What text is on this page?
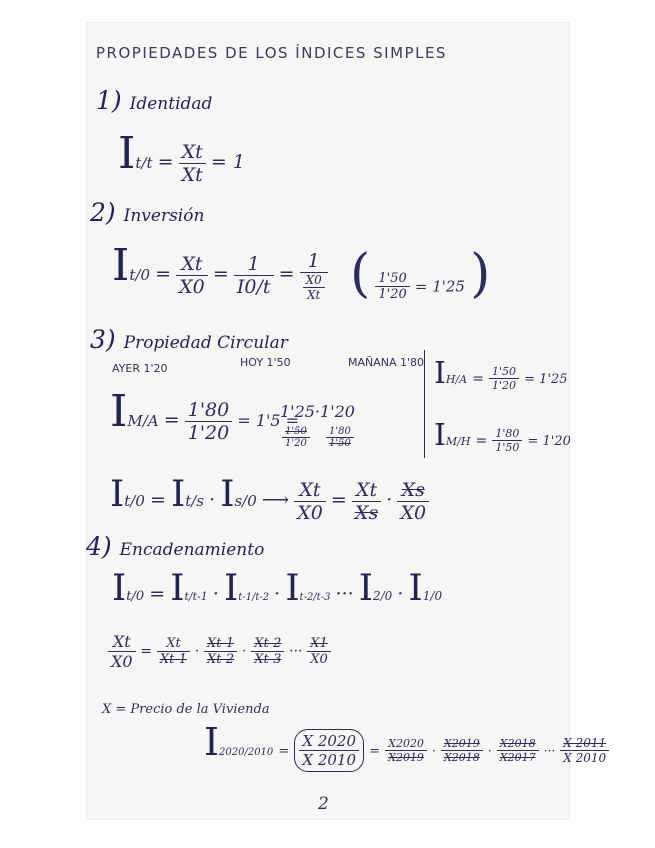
PROPIEDADES DE LOS ÍNDICES SIMPLES
1) Identidad
$It/t = \frac{Xt}{Xt} = 1$
2) Inversión
$It/0 = \frac{Xt}{X0} = \frac{1}{I0/t} = \frac{1}{\frac{X0}{Xt}}$ ( $\frac{1'50}{1'20} = 1'25$ )
3) Propiedad Circular
AYER 1'20	HOY 1'50	MAÑANA 1'80
$IM/A = \frac{1'80}{1'20} = 1'5$ =
1'25·1'20
$\frac{1'50}{1'20} \frac{1'80}{1'50}$
$IH/A = \frac{1'50}{1'20} = 1'25$
$IM/H = \frac{1'80}{1'50} = 1'20$
It/0 = It/s · Is/0 ⟶ $\frac{Xt}{X0} = \frac{Xt}{Xs} \cdot \frac{Xs}{X0}$
4) Encadenamiento
It/0 = It/t-1 · It-1/t-2 · It-2/t-3 ··· I2/0 · I1/0
$\frac{Xt}{X0} = \frac{Xt}{Xt-1} \cdot \frac{Xt-1}{Xt-2} \cdot \frac{Xt-2}{Xt-3}$ ··· $\frac{X1}{X0}$
X = Precio de la Vivienda
$I2020/2010 = \frac{X 2020}{X 2010} = \frac{X2020}{X2019} \cdot \frac{X2019}{X2018} \cdot \frac{X2018}{X2017}$ ··· $\frac{X 2011}{X 2010}$
2
